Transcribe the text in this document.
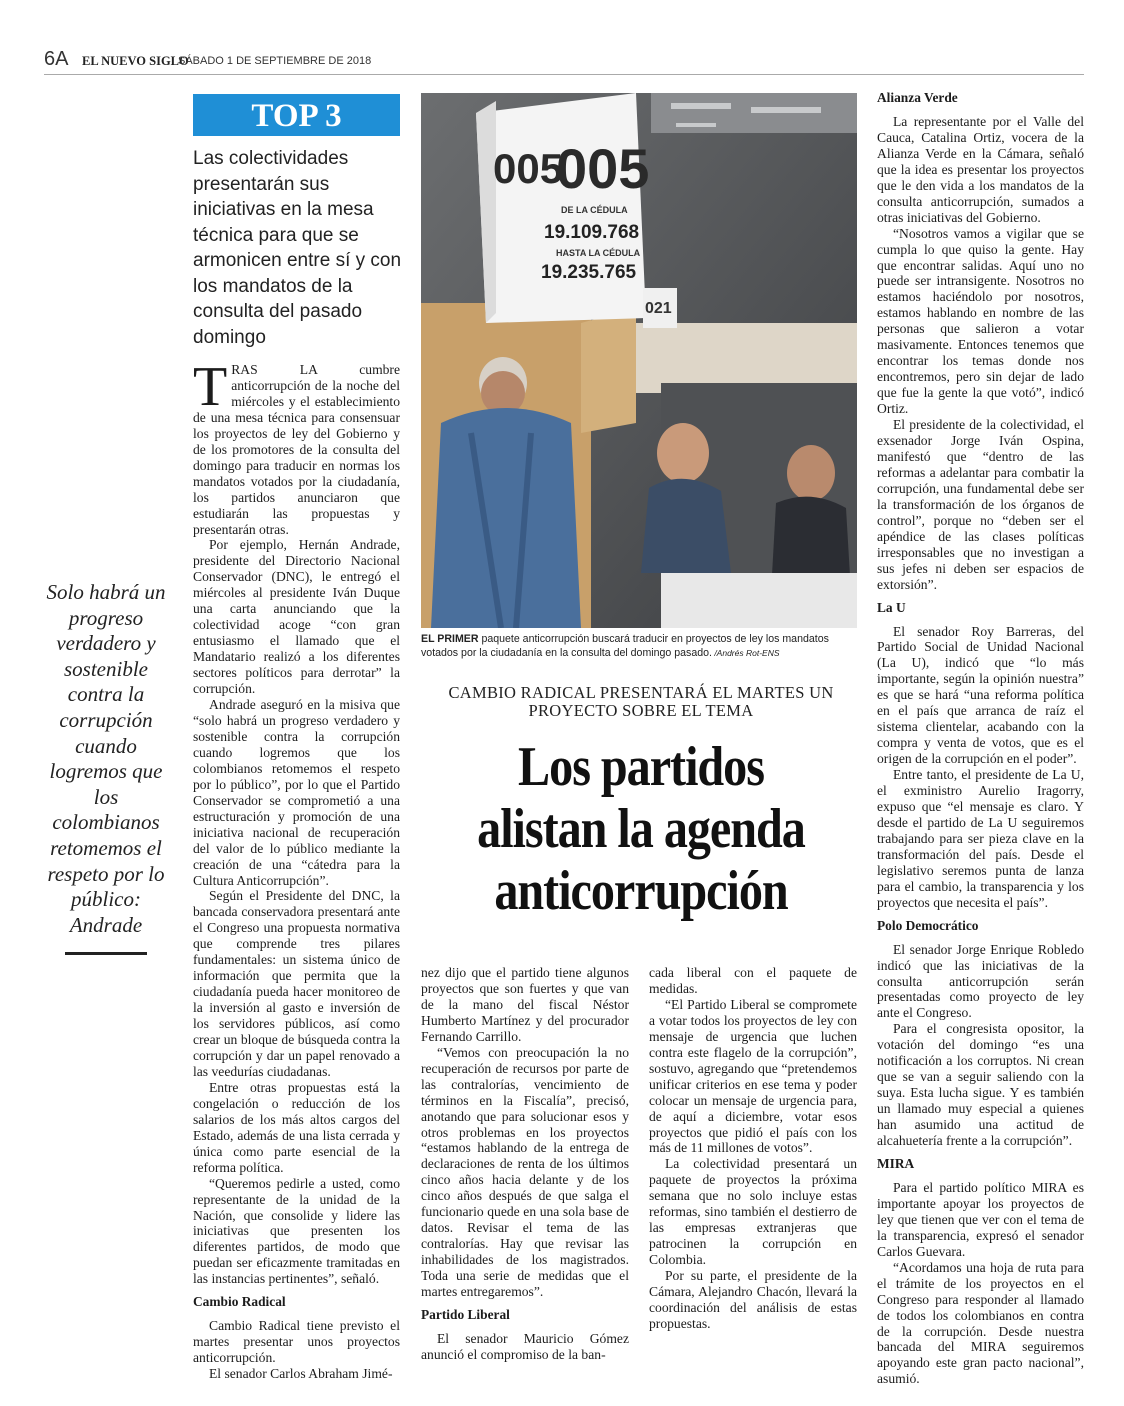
6A EL NUEVO SIGLO
SÁBADO 1 DE SEPTIEMBRE DE 2018
TOP 3
Las colectividades presentarán sus iniciativas en la mesa técnica para que se armonicen entre sí y con los mandatos de la consulta del pasado domingo
Solo habrá un progreso verdadero y sostenible contra la corrupción cuando logremos que los colombianos retomemos el respeto por lo público: Andrade

TRAS LA cumbre anticorrupción de la noche del miércoles y el establecimiento de una mesa técnica para consensuar los proyectos de ley del Gobierno y de los promotores de la consulta del domingo para traducir en normas los mandatos votados por la ciudadanía, los partidos anunciaron que estudiarán las propuestas y presentarán otras.

Por ejemplo, Hernán Andrade, presidente del Directorio Nacional Conservador (DNC), le entregó el miércoles al presidente Iván Duque una carta anunciando que la colectividad acoge “con gran entusiasmo el llamado que el Mandatario realizó a los diferentes sectores políticos para derrotar” la corrupción.

Andrade aseguró en la misiva que “solo habrá un progreso verdadero y sostenible contra la corrupción cuando logremos que los colombianos retomemos el respeto por lo público”, por lo que el Partido Conservador se comprometió a una estructuración y promoción de una iniciativa nacional de recuperación del valor de lo público mediante la creación de una “cátedra para la Cultura Anticorrupción”.

Según el Presidente del DNC, la bancada conservadora presentará ante el Congreso una propuesta normativa que comprende tres pilares fundamentales: un sistema único de información que permita que la ciudadanía pueda hacer monitoreo de la inversión al gasto e inversión de los servidores públicos, así como crear un bloque de búsqueda contra la corrupción y dar un papel renovado a las veedurías ciudadanas.

Entre otras propuestas está la congelación o reducción de los salarios de los más altos cargos del Estado, además de una lista cerrada y única como parte esencial de la reforma política.

“Queremos pedirle a usted, como representante de la unidad de la Nación, que consolide y lidere las iniciativas que presenten los diferentes partidos, de modo que puedan ser eficazmente tramitadas en las instancias pertinentes”, señaló.

Cambio Radical

Cambio Radical tiene previsto el martes presentar unos proyectos anticorrupción.

El senador Carlos Abraham Jimé-

005
005
DE LA CÉDULA
19.109.768
HASTA LA CÉDULA
19.235.765
021
EL PRIMER paquete anticorrupción buscará traducir en proyectos de ley los mandatos votados por la ciudadanía en la consulta del domingo pasado. /Andrés Rot-ENS
CAMBIO RADICAL PRESENTARÁ EL MARTES UN PROYECTO SOBRE EL TEMA
Los partidos alistan la agenda anticorrupción

nez dijo que el partido tiene algunos proyectos que son fuertes y que van de la mano del fiscal Néstor Humberto Martínez y del procurador Fernando Carrillo.

“Vemos con preocupación la no recuperación de recursos por parte de las contralorías, vencimiento de términos en la Fiscalía”, precisó, anotando que para solucionar esos y otros problemas en los proyectos “estamos hablando de la entrega de declaraciones de renta de los últimos cinco años hacia delante y de los cinco años después de que salga el funcionario quede en una sola base de datos. Revisar el tema de las contralorías. Hay que revisar las inhabilidades de los magistrados. Toda una serie de medidas que el martes entregaremos”.

Partido Liberal

El senador Mauricio Gómez anunció el compromiso de la ban-

cada liberal con el paquete de medidas.

“El Partido Liberal se compromete a votar todos los proyectos de ley con mensaje de urgencia que luchen contra este flagelo de la corrupción”, sostuvo, agregando que “pretendemos unificar criterios en ese tema y poder colocar un mensaje de urgencia para, de aquí a diciembre, votar esos proyectos que pidió el país con los más de 11 millones de votos”.

La colectividad presentará un paquete de proyectos la próxima semana que no solo incluye estas reformas, sino también el destierro de las empresas extranjeras que patrocinen la corrupción en Colombia.

Por su parte, el presidente de la Cámara, Alejandro Chacón, llevará la coordinación del análisis de estas propuestas.

Alianza Verde

La representante por el Valle del Cauca, Catalina Ortiz, vocera de la Alianza Verde en la Cámara, señaló que la idea es presentar los proyectos que le den vida a los mandatos de la consulta anticorrupción, sumados a otras iniciativas del Gobierno.

“Nosotros vamos a vigilar que se cumpla lo que quiso la gente. Hay que encontrar salidas. Aquí uno no puede ser intransigente. Nosotros no estamos haciéndolo por nosotros, estamos hablando en nombre de las personas que salieron a votar masivamente. Entonces tenemos que encontrar los temas donde nos encontremos, pero sin dejar de lado que fue la gente la que votó”, indicó Ortiz.

El presidente de la colectividad, el exsenador Jorge Iván Ospina, manifestó que “dentro de las reformas a adelantar para combatir la corrupción, una fundamental debe ser la transformación de los órganos de control”, porque no “deben ser el apéndice de las clases políticas irresponsables que no investigan a sus jefes ni deben ser espacios de extorsión”.

La U

El senador Roy Barreras, del Partido Social de Unidad Nacional (La U), indicó que “lo más importante, según la opinión nuestra” es que se hará “una reforma política en el país que arranca de raíz el sistema clientelar, acabando con la compra y venta de votos, que es el origen de la corrupción en el poder”.

Entre tanto, el presidente de La U, el exministro Aurelio Iragorry, expuso que “el mensaje es claro. Y desde el partido de La U seguiremos trabajando para ser pieza clave en la transformación del país. Desde el legislativo seremos punta de lanza para el cambio, la transparencia y los proyectos que necesita el país”.

Polo Democrático

El senador Jorge Enrique Robledo indicó que las iniciativas de la consulta anticorrupción serán presentadas como proyecto de ley ante el Congreso.

Para el congresista opositor, la votación del domingo “es una notificación a los corruptos. Ni crean que se van a seguir saliendo con la suya. Esta lucha sigue. Y es también un llamado muy especial a quienes han asumido una actitud de alcahuetería frente a la corrupción”.

MIRA

Para el partido político MIRA es importante apoyar los proyectos de ley que tienen que ver con el tema de la transparencia, expresó el senador Carlos Guevara.

“Acordamos una hoja de ruta para el trámite de los proyectos en el Congreso para responder al llamado de todos los colombianos en contra de la corrupción. Desde nuestra bancada del MIRA seguiremos apoyando este gran pacto nacional”, asumió.
